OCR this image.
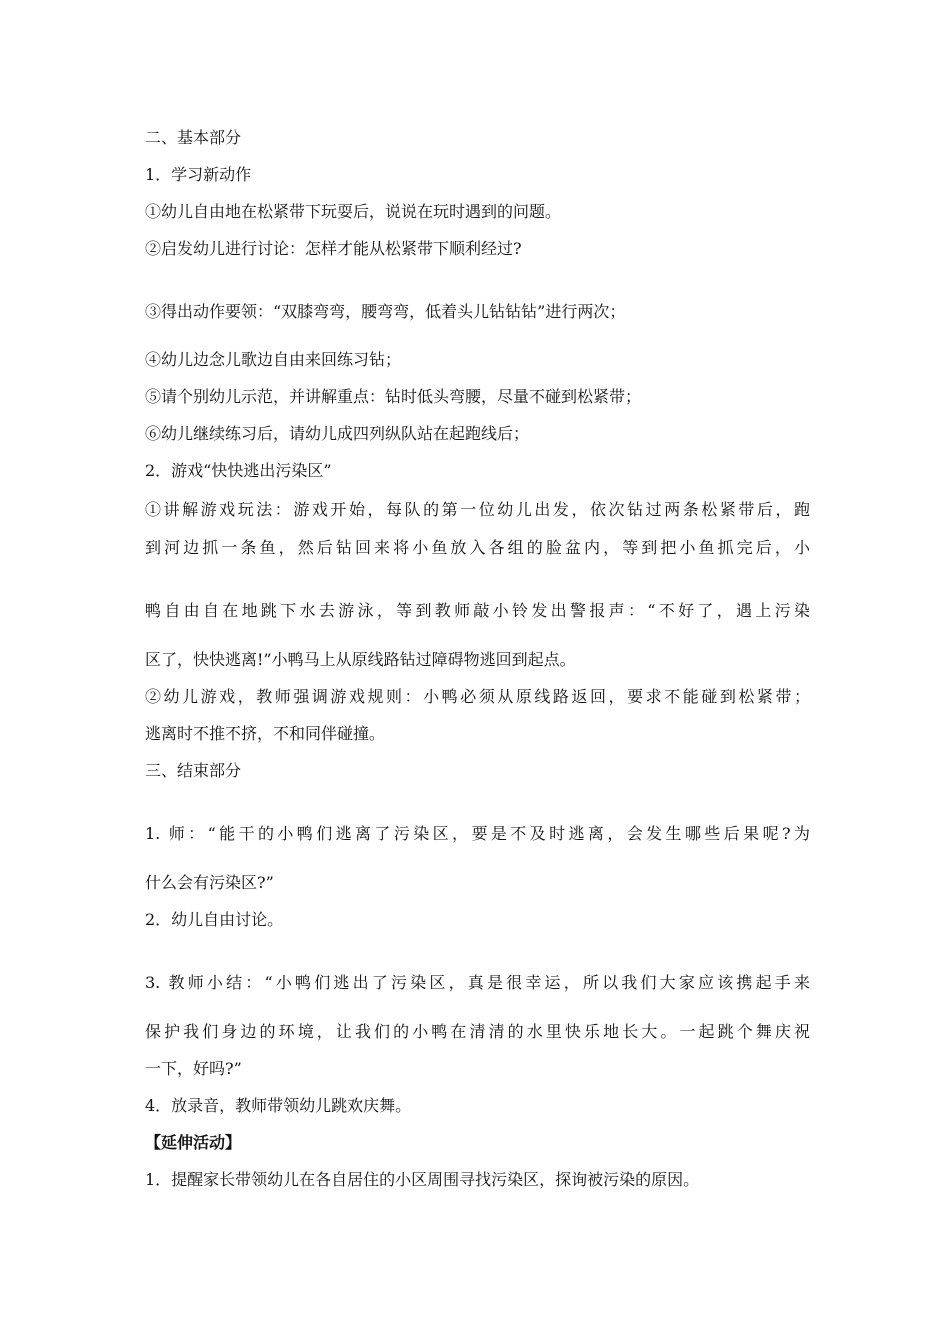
二、基本部分
1．学习新动作
①幼儿自由地在松紧带下玩耍后，说说在玩时遇到的问题。
②启发幼儿进行讨论：怎样才能从松紧带下顺利经过?
③得出动作要领：“双膝弯弯，腰弯弯，低着头儿钻钻钻”进行两次；
④幼儿边念儿歌边自由来回练习钻；
⑤请个别幼儿示范，并讲解重点：钻时低头弯腰，尽量不碰到松紧带；
⑥幼儿继续练习后，请幼儿成四列纵队站在起跑线后；
2．游戏“快快逃出污染区”
①讲解游戏玩法：游戏开始，每队的第一位幼儿出发，依次钻过两条松紧带后，跑
到河边抓一条鱼，然后钻回来将小鱼放入各组的脸盆内，等到把小鱼抓完后，小
鸭自由自在地跳下水去游泳，等到教师敲小铃发出警报声：“不好了，遇上污染
区了，快快逃离!”小鸭马上从原线路钻过障碍物逃回到起点。
②幼儿游戏，教师强调游戏规则：小鸭必须从原线路返回，要求不能碰到松紧带；
逃离时不推不挤，不和同伴碰撞。
三、结束部分
1. 师：“能干的小鸭们逃离了污染区，要是不及时逃离，会发生哪些后果呢?为
什么会有污染区?”
2．幼儿自由讨论。
3. 教师小结：“小鸭们逃出了污染区，真是很幸运，所以我们大家应该携起手来
保护我们身边的环境，让我们的小鸭在清清的水里快乐地长大。一起跳个舞庆祝
一下，好吗?”
4．放录音，教师带领幼儿跳欢庆舞。
【延伸活动】
1．提醒家长带领幼儿在各自居住的小区周围寻找污染区，探询被污染的原因。
